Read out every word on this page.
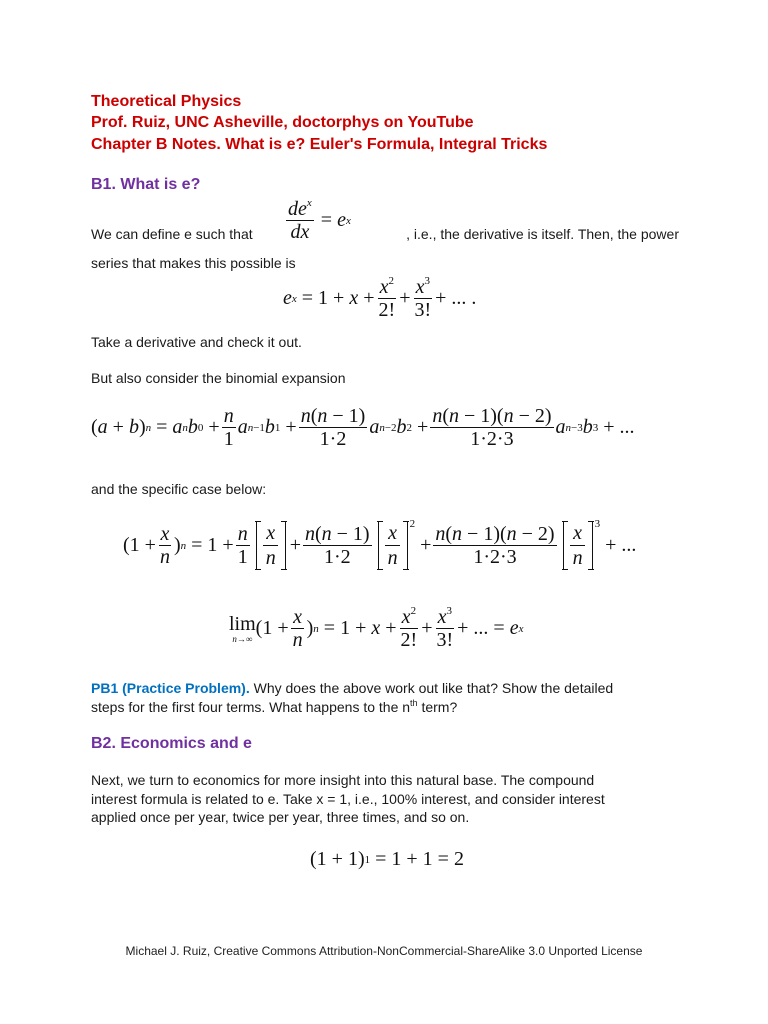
Theoretical Physics

Prof. Ruiz, UNC Asheville, doctorphys on YouTube

Chapter B Notes. What is e? Euler's Formula, Integral Tricks

B1. What is e?

$\frac{de^x}{dx} = e$ x

We can define e such that	, i.e., the derivative is itself. Then, the power

series that makes this possible is

e $x = 1 + x + \frac{x^2}{2!} + \frac{x^3}{3!}$ + ... .

Take a derivative and check it out.

But also consider the binomial expansion

( a + b ) n = a n b $0 + \frac{n}{1}$ a n−1 b $1 + \frac{n(n - 1)}{1\cdot 2}$ a n−2 b $2 + \frac{n(n - 1)(n - 2)}{1\cdot 2\cdot 3}$ a n−3 b 3 + ...

and the specific case below:

($1 + \frac{x}{n}$ ) $n = 1 + \frac{n}{1}$ x
n
+ $\frac{n(n - 1)}{1\cdot 2}$ x
n
2
+ $\frac{n(n - 1)(n - 2)}{1\cdot 2\cdot 3}$ x
n
3
+ ...
lim
n→∞ ($1 + \frac{x}{n}$ ) $n = 1 + x + \frac{x^2}{2!} + \frac{x^3}{3!}$ + ... = e x

PB1 (Practice Problem). Why does the above work out like that? Show the detailed

steps for the first four terms. What happens to the $n^{th}$ term?

B2. Economics and e

Next, we turn to economics for more insight into this natural base. The compound

interest formula is related to e. Take x = 1, i.e., 100% interest, and consider interest

applied once per year, twice per year, three times, and so on.

(1 + 1) 1 = 1 + 1 = 2
Michael J. Ruiz, Creative Commons Attribution-NonCommercial-ShareAlike 3.0 Unported License
